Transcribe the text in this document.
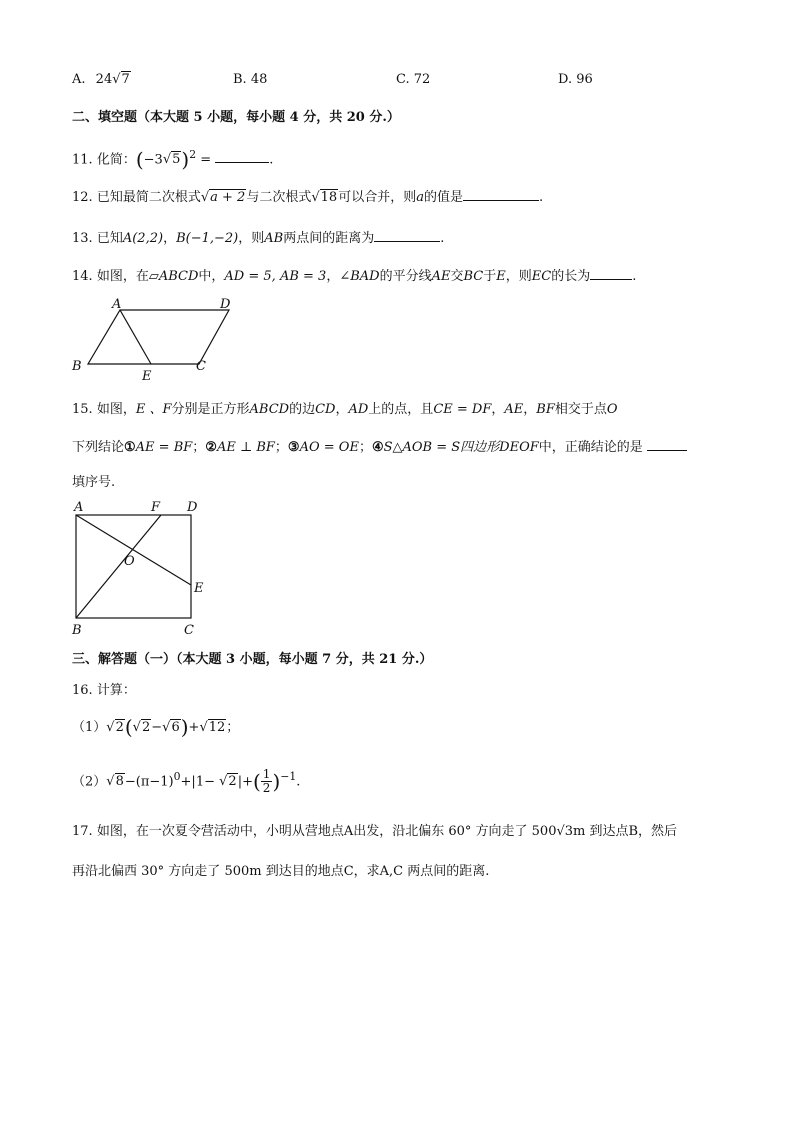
A. 24√7	B. 48	C. 72	D. 96
二、填空题（本大题 5 小题，每小题 4 分，共 20 分.）
11. 化简：$(-3√5)^2$ =	.
12. 已知最简二次根式√a + 2与二次根式√18可以合并，则a的值是	.
13. 已知A(2,2)，B(−1,−2)，则AB两点间的距离为	.
14. 如图，在▱ABCD中，AD = 5, AB = 3，∠BAD的平分线AE交BC于E，则EC的长为	.
A	D
B
E
C
15. 如图，E 、F分别是正方形ABCD的边CD，AD上的点，且CE = DF，AE，BF相交于点O
下列结论①AE = BF；②AE ⊥ BF；③AO = OE；④S△AOB = S四边形DEOF中，正确结论的是
填序号.
A	F D
O
E
B	C
三、解答题（一）（本大题 3 小题，每小题 7 分，共 21 分.）
16. 计算：
（1）√2(√2−√6)+√12；
$(2)√8-(\pi-1)^0+|1- √2|+( \frac{1}{2} )^{-1}$.
17. 如图，在一次夏令营活动中，小明从营地点A出发，沿北偏东 60° 方向走了 500√3m 到达点B，然后
再沿北偏西 30° 方向走了 500m 到达目的地点C，求A,C 两点间的距离.
